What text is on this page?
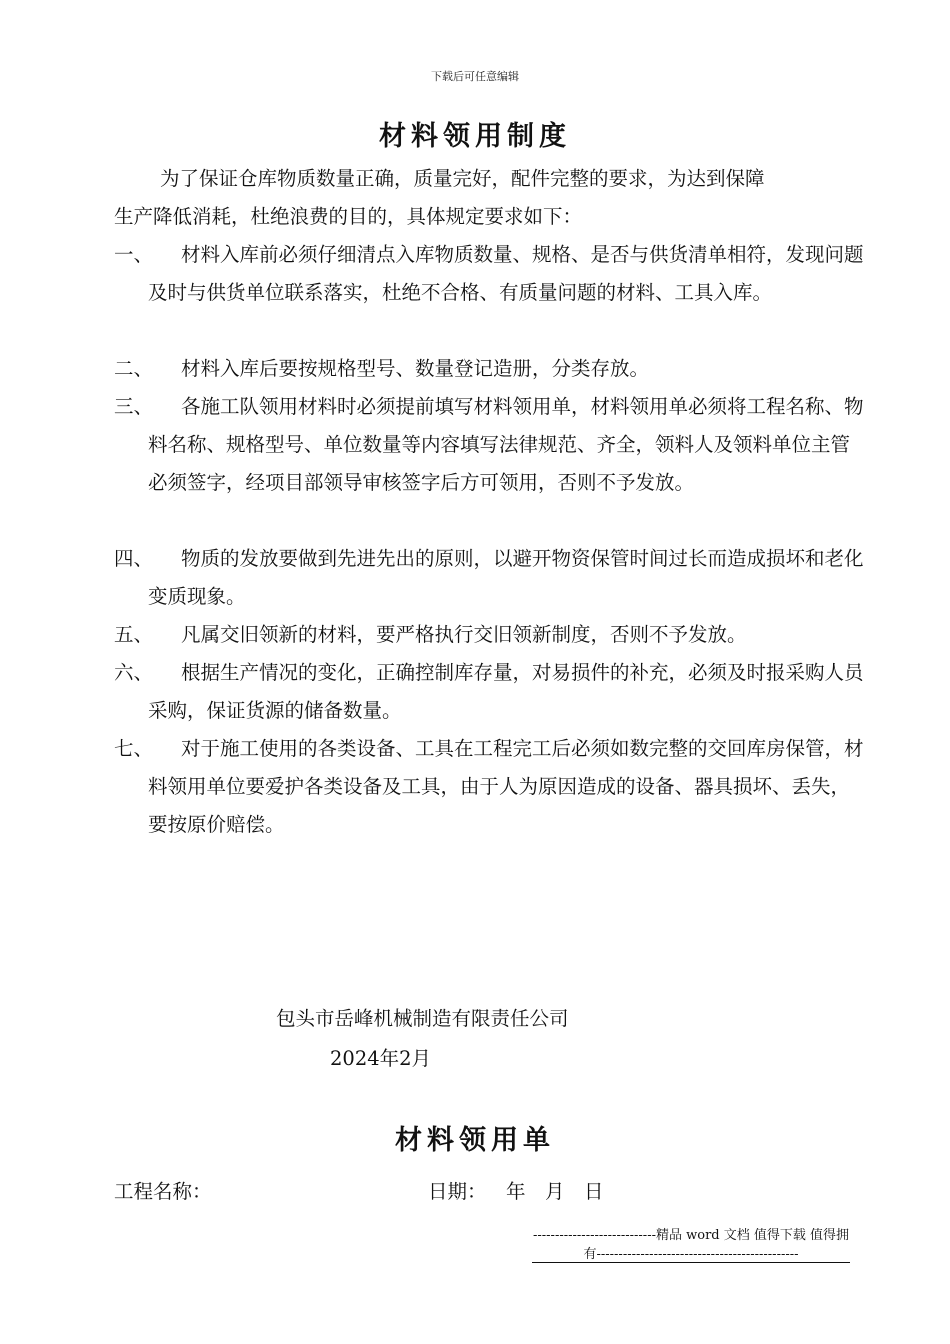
下载后可任意编辑
材料领用制度
为了保证仓库物质数量正确，质量完好，配件完整的要求，为达到保障
生产降低消耗，杜绝浪费的目的，具体规定要求如下：
一、	材料入库前必须仔细清点入库物质数量、规格、是否与供货清单相符，发现问题及时与供货单位联系落实，杜绝不合格、有质量问题的材料、工具入库。
二、	材料入库后要按规格型号、数量登记造册，分类存放。
三、	各施工队领用材料时必须提前填写材料领用单，材料领用单必须将工程名称、物料名称、规格型号、单位数量等内容填写法律规范、齐全，领料人及领料单位主管必须签字，经项目部领导审核签字后方可领用，否则不予发放。
四、	物质的发放要做到先进先出的原则，以避开物资保管时间过长而造成损坏和老化变质现象。
五、	凡属交旧领新的材料，要严格执行交旧领新制度，否则不予发放。
六、	根据生产情况的变化，正确控制库存量，对易损件的补充，必须及时报采购人员采购，保证货源的储备数量。
七、	对于施工使用的各类设备、工具在工程完工后必须如数完整的交回库房保管，材料领用单位要爱护各类设备及工具，由于人为原因造成的设备、器具损坏、丢失，要按原价赔偿。
包头市岳峰机械制造有限责任公司
2024年2月
材料领用单
工程名称：	日期： 年 月 日
----------------------------精品 word 文档 值得下载 值得拥有----------------------------------------------
